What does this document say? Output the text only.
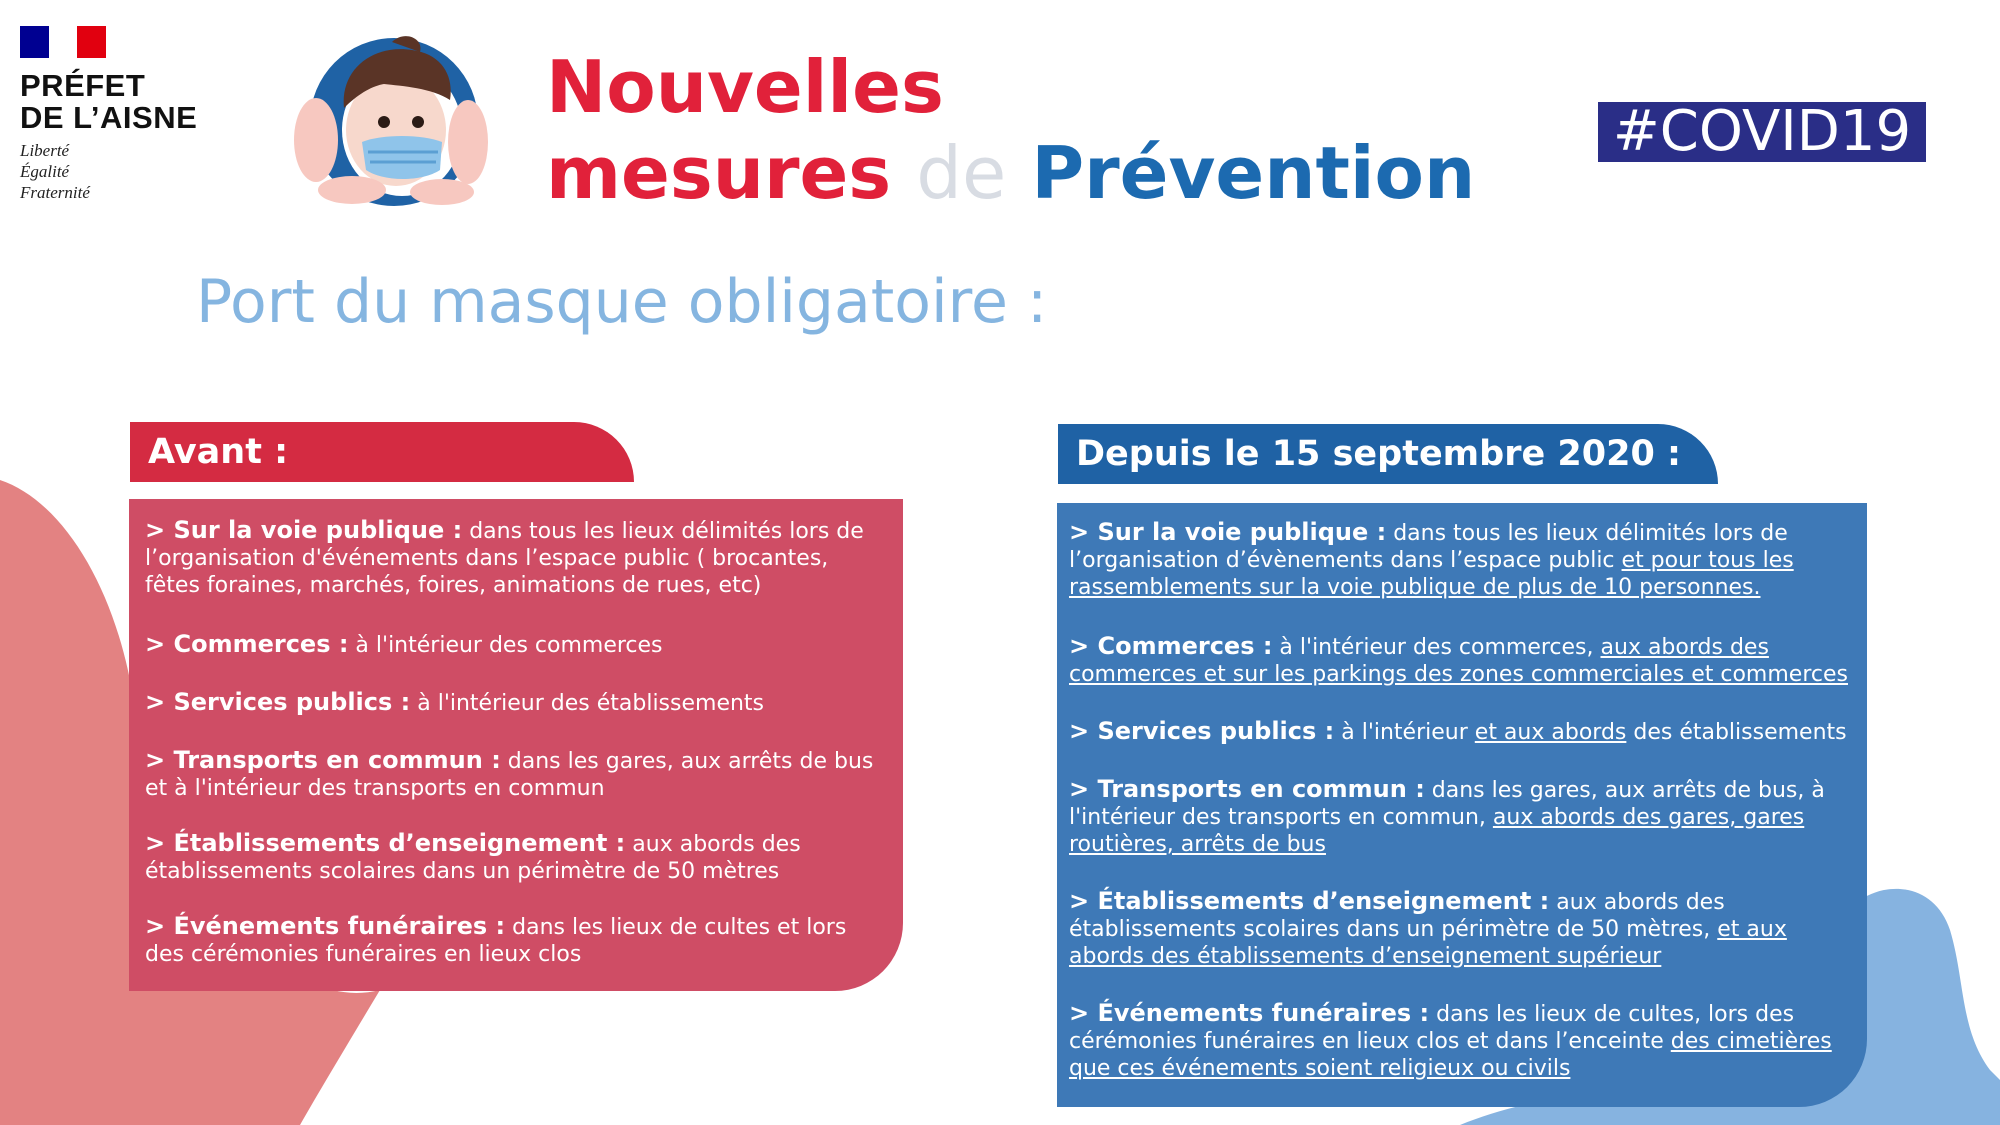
PRÉFET
DE L’AISNE
Liberté
Égalité
Fraternité
Nouvelles
mesures de Prévention #COVID19
Port du masque obligatoire :
Avant :	Depuis le 15 septembre 2020 :

> Sur la voie publique : dans tous les lieux délimités lors de l’organisation d'événements dans l’espace public ( brocantes, fêtes foraines, marchés, foires, animations de rues, etc)

> Commerces : à l'intérieur des commerces

> Services publics : à l'intérieur des établissements

> Transports en commun : dans les gares, aux arrêts de bus et à l'intérieur des transports en commun

> Établissements d’enseignement : aux abords des établissements scolaires dans un périmètre de 50 mètres

> Événements funéraires : dans les lieux de cultes et lors des cérémonies funéraires en lieux clos

> Sur la voie publique : dans tous les lieux délimités lors de l’organisation d’évènements dans l’espace public et pour tous les rassemblements sur la voie publique de plus de 10 personnes.

> Commerces : à l'intérieur des commerces, aux abords des commerces et sur les parkings des zones commerciales et commerces

> Services publics : à l'intérieur et aux abords des établissements

> Transports en commun : dans les gares, aux arrêts de bus, à l'intérieur des transports en commun, aux abords des gares, gares routières, arrêts de bus

> Établissements d’enseignement : aux abords des établissements scolaires dans un périmètre de 50 mètres, et aux abords des établissements d’enseignement supérieur

> Événements funéraires : dans les lieux de cultes, lors des cérémonies funéraires en lieux clos et dans l’enceinte des cimetières que ces événements soient religieux ou civils
